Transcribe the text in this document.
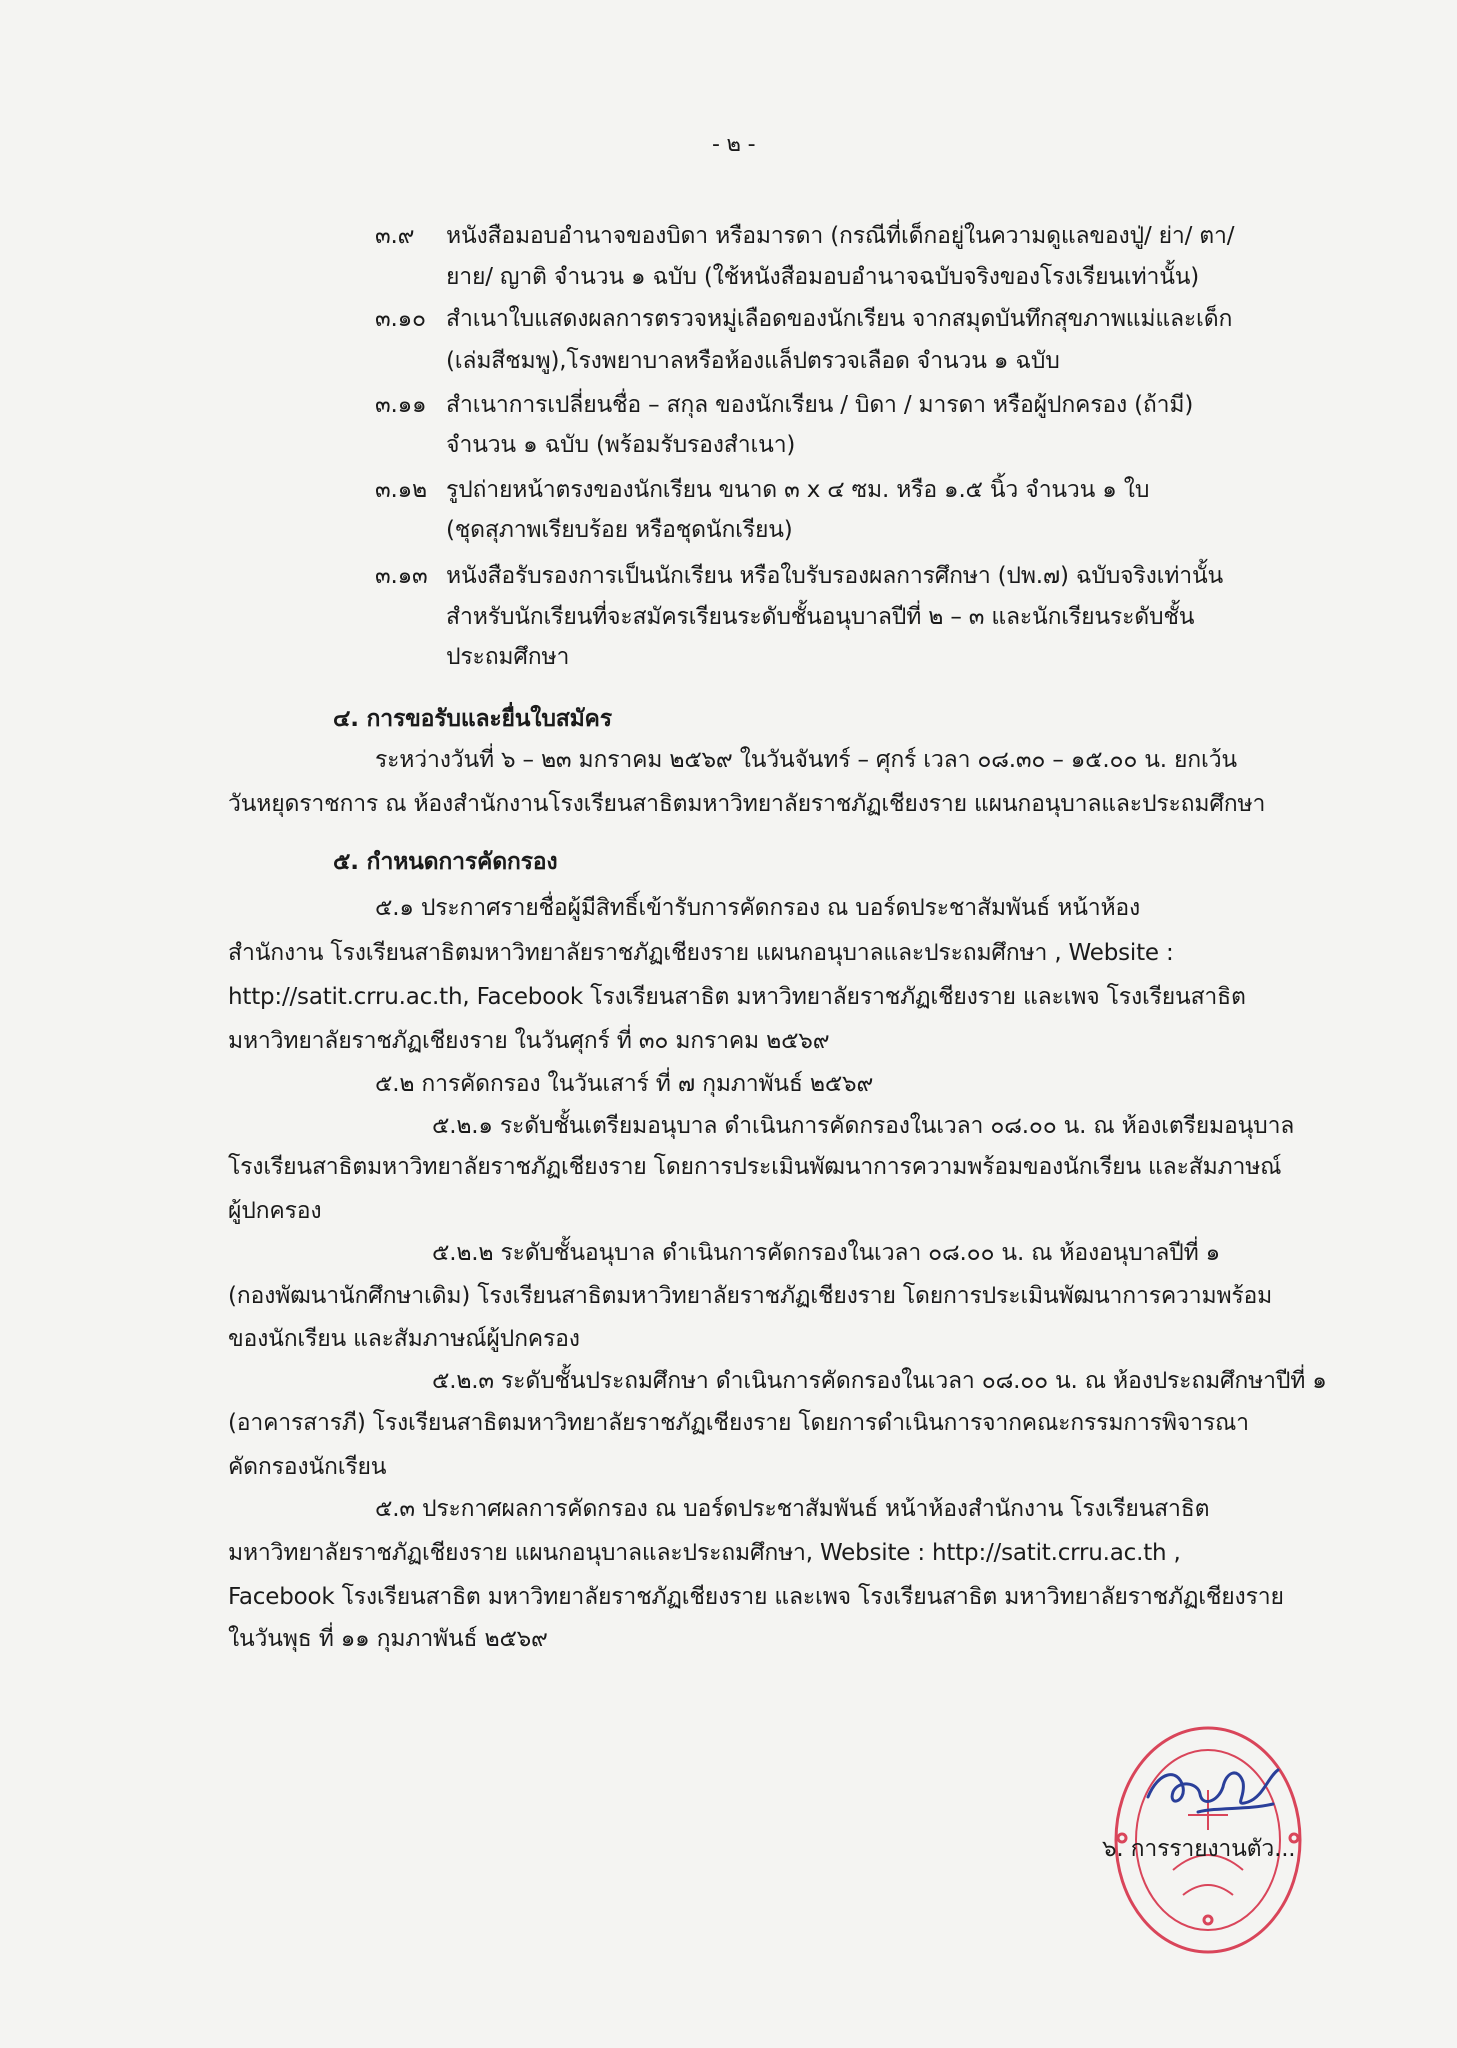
- ๒ -
๓.๙ หนังสือมอบอำนาจของบิดา หรือมารดา (กรณีที่เด็กอยู่ในความดูแลของปู่/ ย่า/ ตา/
ยาย/ ญาติ จำนวน ๑ ฉบับ (ใช้หนังสือมอบอำนาจฉบับจริงของโรงเรียนเท่านั้น)
๓.๑๐ สำเนาใบแสดงผลการตรวจหมู่เลือดของนักเรียน จากสมุดบันทึกสุขภาพแม่และเด็ก
(เล่มสีชมพู),โรงพยาบาลหรือห้องแล็ปตรวจเลือด จำนวน ๑ ฉบับ
๓.๑๑ สำเนาการเปลี่ยนชื่อ – สกุล ของนักเรียน / บิดา / มารดา หรือผู้ปกครอง (ถ้ามี)
จำนวน ๑ ฉบับ (พร้อมรับรองสำเนา)
๓.๑๒ รูปถ่ายหน้าตรงของนักเรียน ขนาด ๓ x ๔ ซม. หรือ ๑.๕ นิ้ว จำนวน ๑ ใบ
(ชุดสุภาพเรียบร้อย หรือชุดนักเรียน)
๓.๑๓ หนังสือรับรองการเป็นนักเรียน หรือใบรับรองผลการศึกษา (ปพ.๗) ฉบับจริงเท่านั้น
สำหรับนักเรียนที่จะสมัครเรียนระดับชั้นอนุบาลปีที่ ๒ – ๓ และนักเรียนระดับชั้น
ประถมศึกษา
๔. การขอรับและยื่นใบสมัคร
ระหว่างวันที่ ๖ – ๒๓ มกราคม ๒๕๖๙ ในวันจันทร์ – ศุกร์ เวลา ๐๘.๓๐ – ๑๕.๐๐ น. ยกเว้น
วันหยุดราชการ ณ ห้องสำนักงานโรงเรียนสาธิตมหาวิทยาลัยราชภัฏเชียงราย แผนกอนุบาลและประถมศึกษา
๕. กำหนดการคัดกรอง
๕.๑ ประกาศรายชื่อผู้มีสิทธิ์เข้ารับการคัดกรอง ณ บอร์ดประชาสัมพันธ์ หน้าห้อง
สำนักงาน โรงเรียนสาธิตมหาวิทยาลัยราชภัฏเชียงราย แผนกอนุบาลและประถมศึกษา , Website :
http://satit.crru.ac.th, Facebook โรงเรียนสาธิต มหาวิทยาลัยราชภัฏเชียงราย และเพจ โรงเรียนสาธิต
มหาวิทยาลัยราชภัฏเชียงราย ในวันศุกร์ ที่ ๓๐ มกราคม ๒๕๖๙
๕.๒ การคัดกรอง ในวันเสาร์ ที่ ๗ กุมภาพันธ์ ๒๕๖๙
๕.๒.๑ ระดับชั้นเตรียมอนุบาล ดำเนินการคัดกรองในเวลา ๐๘.๐๐ น. ณ ห้องเตรียมอนุบาล
โรงเรียนสาธิตมหาวิทยาลัยราชภัฏเชียงราย โดยการประเมินพัฒนาการความพร้อมของนักเรียน และสัมภาษณ์
ผู้ปกครอง
๕.๒.๒ ระดับชั้นอนุบาล ดำเนินการคัดกรองในเวลา ๐๘.๐๐ น. ณ ห้องอนุบาลปีที่ ๑
(กองพัฒนานักศึกษาเดิม) โรงเรียนสาธิตมหาวิทยาลัยราชภัฏเชียงราย โดยการประเมินพัฒนาการความพร้อม
ของนักเรียน และสัมภาษณ์ผู้ปกครอง
๕.๒.๓ ระดับชั้นประถมศึกษา ดำเนินการคัดกรองในเวลา ๐๘.๐๐ น. ณ ห้องประถมศึกษาปีที่ ๑
(อาคารสารภี) โรงเรียนสาธิตมหาวิทยาลัยราชภัฏเชียงราย โดยการดำเนินการจากคณะกรรมการพิจารณา
คัดกรองนักเรียน
๕.๓ ประกาศผลการคัดกรอง ณ บอร์ดประชาสัมพันธ์ หน้าห้องสำนักงาน โรงเรียนสาธิต
มหาวิทยาลัยราชภัฏเชียงราย แผนกอนุบาลและประถมศึกษา, Website : http://satit.crru.ac.th ,
Facebook โรงเรียนสาธิต มหาวิทยาลัยราชภัฏเชียงราย และเพจ โรงเรียนสาธิต มหาวิทยาลัยราชภัฏเชียงราย
ในวันพุธ ที่ ๑๑ กุมภาพันธ์ ๒๕๖๙
๖. การรายงานตัว...
